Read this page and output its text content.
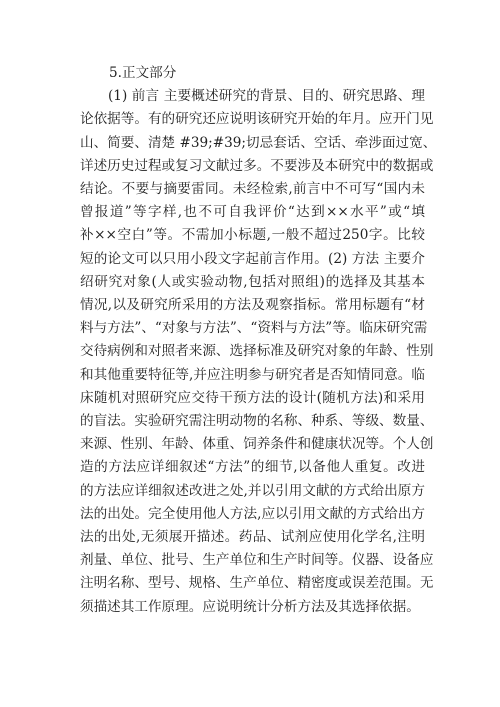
5.正文部分
(1) 前言 主要概述研究的背景、目的、研究思路、理
论依据等。有的研究还应说明该研究开始的年月。应开门见
山、简要、清楚 #39;#39;切忌套话、空话、牵涉面过宽、
详述历史过程或复习文献过多。不要涉及本研究中的数据或
结论。不要与摘要雷同。未经检索,前言中不可写“国内未
曾报道”等字样,也不可自我评价“达到××水平”或“填
补××空白”等。不需加小标题,一般不超过250字。比较
短的论文可以只用小段文字起前言作用。(2) 方法 主要介
绍研究对象(人或实验动物,包括对照组)的选择及其基本
情况,以及研究所采用的方法及观察指标。常用标题有“材
料与方法”、“对象与方法”、“资料与方法”等。临床研究需
交待病例和对照者来源、选择标准及研究对象的年龄、性别
和其他重要特征等,并应注明参与研究者是否知情同意。临
床随机对照研究应交待干预方法的设计(随机方法)和采用
的盲法。实验研究需注明动物的名称、种系、等级、数量、
来源、性别、年龄、体重、饲养条件和健康状况等。个人创
造的方法应详细叙述“方法”的细节,以备他人重复。改进
的方法应详细叙述改进之处,并以引用文献的方式给出原方
法的出处。完全使用他人方法,应以引用文献的方式给出方
法的出处,无须展开描述。药品、试剂应使用化学名,注明
剂量、单位、批号、生产单位和生产时间等。仪器、设备应
注明名称、型号、规格、生产单位、精密度或误差范围。无
须描述其工作原理。应说明统计分析方法及其选择依据。
